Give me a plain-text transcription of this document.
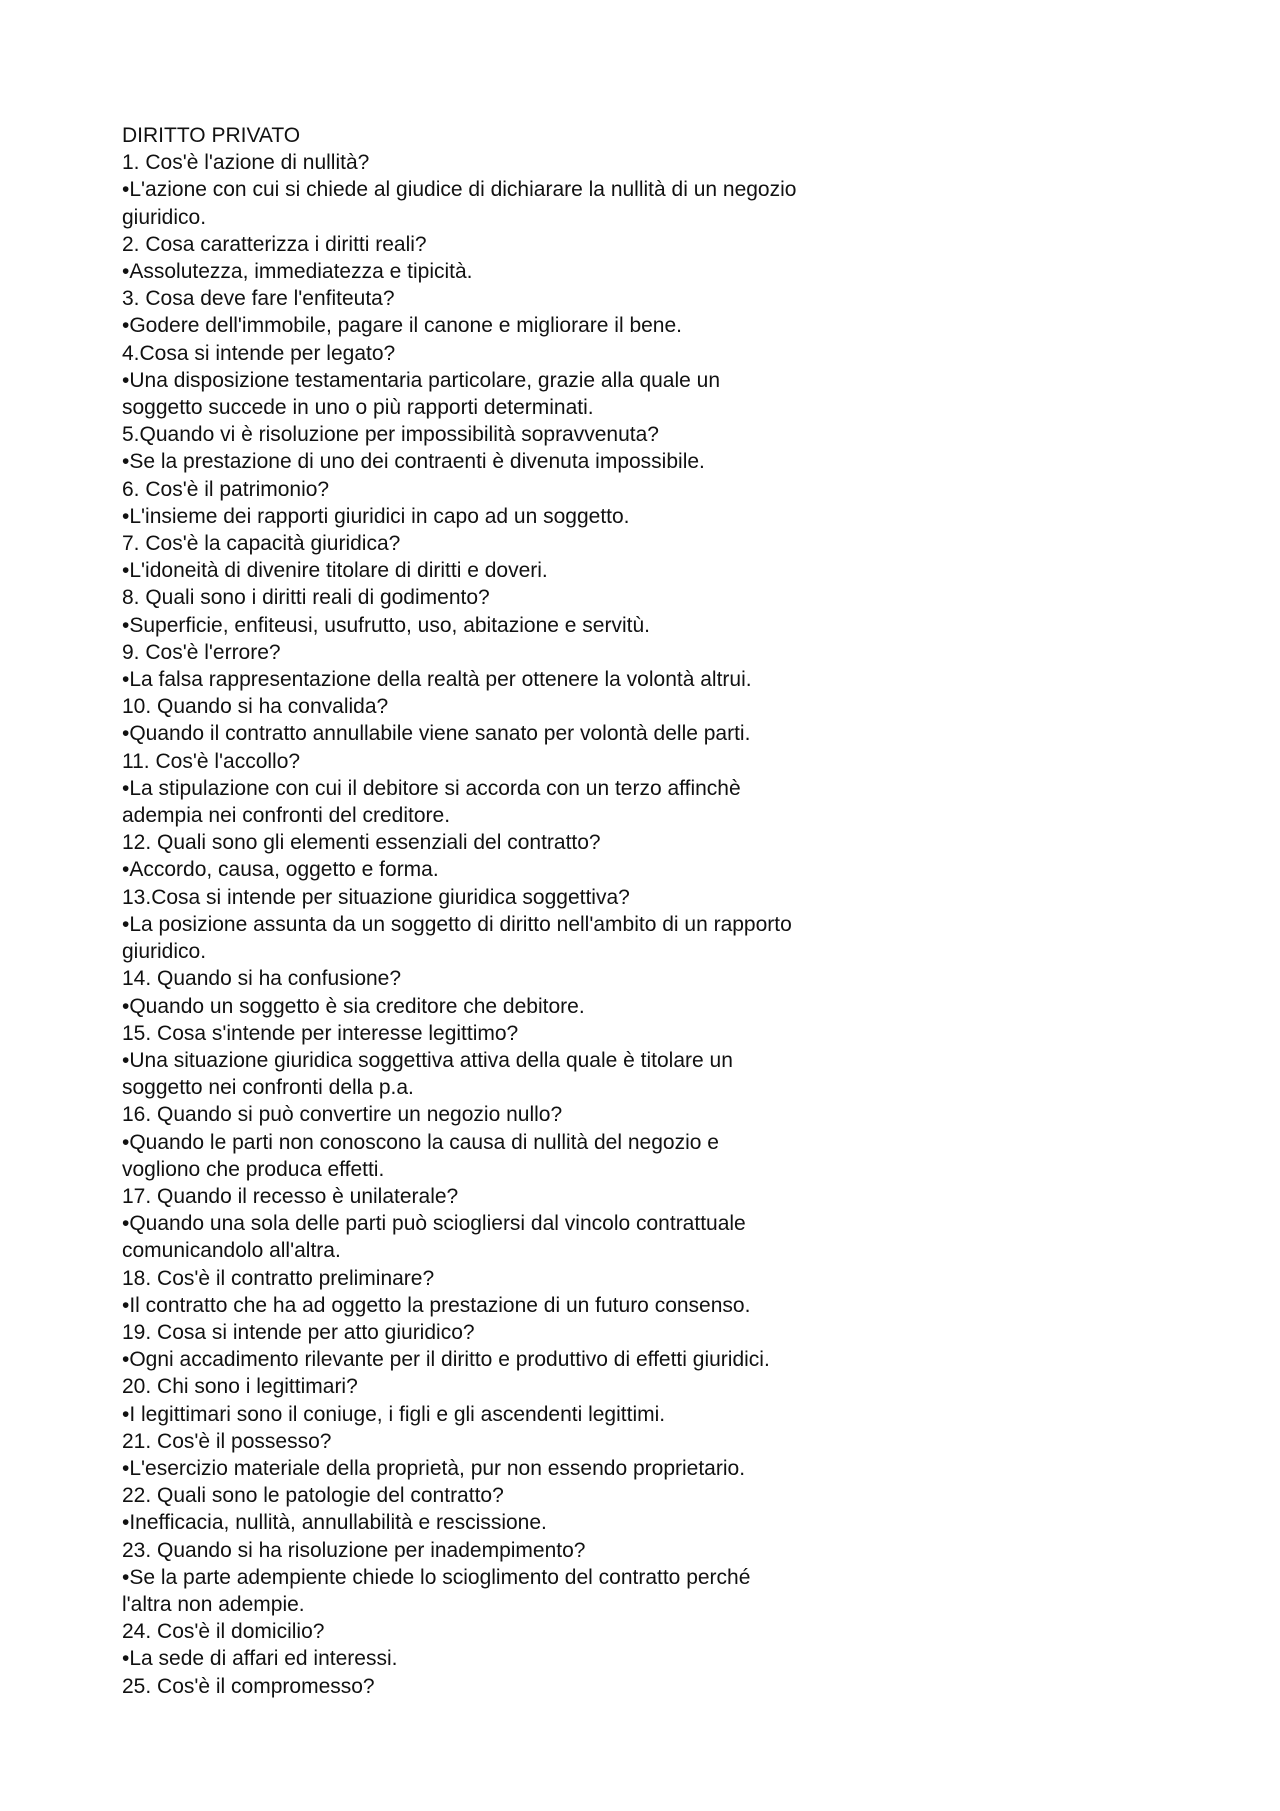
DIRITTO PRIVATO
1. Cos'è l'azione di nullità?
•L'azione con cui si chiede al giudice di dichiarare la nullità di un negozio
giuridico.
2. Cosa caratterizza i diritti reali?
•Assolutezza, immediatezza e tipicità.
3. Cosa deve fare l'enfiteuta?
•Godere dell'immobile, pagare il canone e migliorare il bene.
4.Cosa si intende per legato?
•Una disposizione testamentaria particolare, grazie alla quale un
soggetto succede in uno o più rapporti determinati.
5.Quando vi è risoluzione per impossibilità sopravvenuta?
•Se la prestazione di uno dei contraenti è divenuta impossibile.
6. Cos'è il patrimonio?
•L'insieme dei rapporti giuridici in capo ad un soggetto.
7. Cos'è la capacità giuridica?
•L'idoneità di divenire titolare di diritti e doveri.
8. Quali sono i diritti reali di godimento?
•Superficie, enfiteusi, usufrutto, uso, abitazione e servitù.
9. Cos'è l'errore?
•La falsa rappresentazione della realtà per ottenere la volontà altrui.
10. Quando si ha convalida?
•Quando il contratto annullabile viene sanato per volontà delle parti.
11. Cos'è l'accollo?
•La stipulazione con cui il debitore si accorda con un terzo affinchè
adempia nei confronti del creditore.
12. Quali sono gli elementi essenziali del contratto?
•Accordo, causa, oggetto e forma.
13.Cosa si intende per situazione giuridica soggettiva?
•La posizione assunta da un soggetto di diritto nell'ambito di un rapporto
giuridico.
14. Quando si ha confusione?
•Quando un soggetto è sia creditore che debitore.
15. Cosa s'intende per interesse legittimo?
•Una situazione giuridica soggettiva attiva della quale è titolare un
soggetto nei confronti della p.a.
16. Quando si può convertire un negozio nullo?
•Quando le parti non conoscono la causa di nullità del negozio e
vogliono che produca effetti.
17. Quando il recesso è unilaterale?
•Quando una sola delle parti può sciogliersi dal vincolo contrattuale
comunicandolo all'altra.
18. Cos'è il contratto preliminare?
•Il contratto che ha ad oggetto la prestazione di un futuro consenso.
19. Cosa si intende per atto giuridico?
•Ogni accadimento rilevante per il diritto e produttivo di effetti giuridici.
20. Chi sono i legittimari?
•I legittimari sono il coniuge, i figli e gli ascendenti legittimi.
21. Cos'è il possesso?
•L'esercizio materiale della proprietà, pur non essendo proprietario.
22. Quali sono le patologie del contratto?
•Inefficacia, nullità, annullabilità e rescissione.
23. Quando si ha risoluzione per inadempimento?
•Se la parte adempiente chiede lo scioglimento del contratto perché
l'altra non adempie.
24. Cos'è il domicilio?
•La sede di affari ed interessi.
25. Cos'è il compromesso?
